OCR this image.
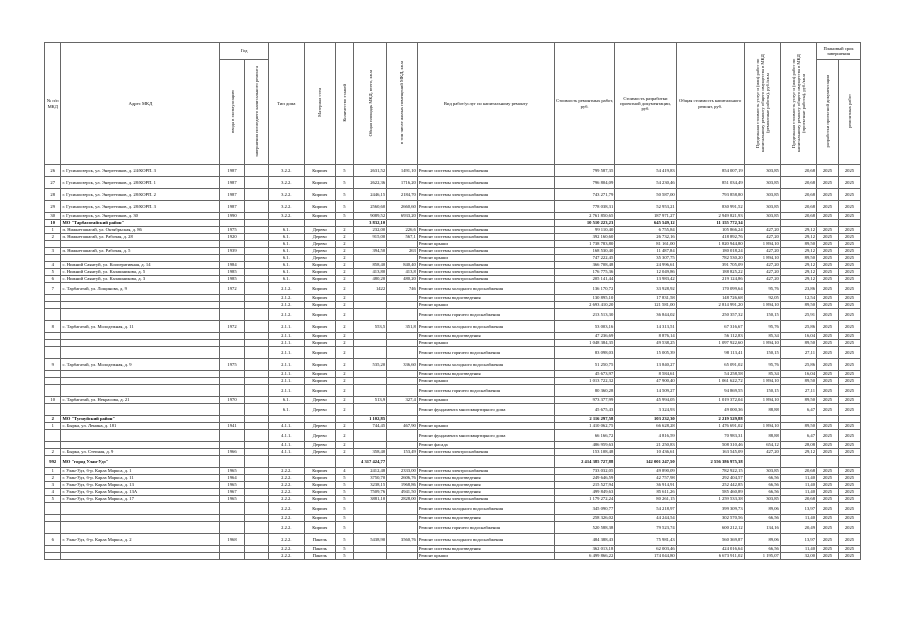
№ п/п МКД	Адрес МКД	Год		Тип дома	Материал стен	Количество этажей	Общая площадь МКД, всего, кв.м	в том числе жилых помещений МКД, кв.м	Вид работ/услуг по капитальному ремонту	Стоимость ремонтных работ, руб.	Стоимость разработки проектной документации, руб.	Общая стоимость капитального ремонт, руб.	Предельная стоимость услуг и (или) работ по капитальному ремонту общего имущества в МКД (ремонтные работы), руб./кв.м	Предельная стоимость услуг и (или) работ по капитальному ремонту общего имущества в МКД (проектные работы), руб./кв.м	Плановый срок завершения	

		ввода в эксплуатацию	завершения последнего капитального ремонта												разработки проектной документации	ремонтных работ
26	г. Гусиноозерск, ул. Энергетиков, д. 24/КОРП. 3	1987		3.2.2.	Кирпич	5	2631,52	1491,10	Ремонт системы электроснабжения	799 587,35	54 419,83	854 007,19	303,85	20,68	2025	2025
27	г. Гусиноозерск, ул. Энергетиков, д. 28/КОРП. 1	1987		3.2.2.	Кирпич	5	2622,36	1716,20	Ремонт системы электроснабжения	796 804,09	54 230,46	851 034,49	303,85	20,68	2025	2025
28	г. Гусиноозерск, ул. Энергетиков, д. 28/КОРП. 2	1987		3.2.2.	Кирпич	5	2446,15	2184,70	Ремонт системы электроснабжения	743 271,79	50 587,00	793 858,80	303,85	20,68	2025	2025
29	г. Гусиноозерск, ул. Энергетиков, д. 28/КОРП. 3	1987		3.2.2.	Кирпич	5	2560,60	2660,60	Ремонт системы электроснабжения	778 038,31	52 953,21	830 991,52	303,85	20,68	2025	2025
30	г. Гусиноозерск, ул. Энергетиков, д. 30	1990		3.2.2.	Кирпич	5	9089,52	6933,20	Ремонт системы электроснабжения	2 761 850,65	187 971,27	2 949 821,93	303,85	20,68	2025	2025
10	МО "Тарбагатайский район"						3 832,10			10 510 223,23	645 549,12	11 155 772,34				
1	п. Нижнеташагай, ул. Октябрьская, д. 86	1975		6.1.	Дерево	2	232,00	226,6	Ремонт системы электроснабжения	99 110,40	6 755,84	105 866,24	427,20	29,12	2025	2025
2	п. Нижнеташагай, ул. Рабочая, д. 28	1920		6.1.	Дерево	2	915,00	567,1	Ремонт системы электроснабжения	392 160,60	26 732,16	418 892,76	427,20	29,12	2025	2025
				6.1.	Дерево	2			Ремонт крыши	1 738 783,80	81 161,00	1 820 944,80	1 894,10	89,50	2025	2025
3	п. Нижнеташагай, ул. Рабочая, д. 5	1939		6.1.	Дерево	2	394,50	263	Ремонт системы электроснабжения	168 530,40	11 487,84	180 018,24	427,20	29,12	2025	2025
				6.1.	Дерево	2			Ремонт крыши	747 222,45	35 307,75	782 530,20	1 894,10	89,50	2025	2025
4	с. Нижний Саянтуй, ул. Кооперативная, д. 14	1984		6.1.	Кирпич	2	858,40	840,40	Ремонт системы электроснабжения	366 708,48	24 996,61	391 705,09	427,20	29,12	2025	2025
5	с. Нижний Саянтуй, ул. Калашникова, д. 5	1985		6.1.	Кирпич	2	413,80	413,8	Ремонт системы электроснабжения	176 775,36	12 049,86	188 825,22	427,20	29,12	2025	2025
6	с. Нижний Саянтуй, ул. Калашникова, д. 3	1985		6.1.	Кирпич	2	480,20	480,20	Ремонт системы электроснабжения	205 141,44	13 983,42	219 124,86	427,20	29,12	2025	2025
7	с. Тарбагатай, ул. Лощинова, д. 9	1972		2.1.2.	Кирпич	2	1422	746	Ремонт системы холодного водоснабжения	136 170,72	33 928,92	170 099,64	95,76	23,86	2025	2025
				2.1.2.	Кирпич	2			Ремонт системы водоотведения	130 895,10	17 831,58	148 726,68	92,05	12,54	2025	2025
				2.1.2.	Кирпич	2			Ремонт крыши	2 693 410,20	121 581,00	2 814 991,20	1 894,10	89,50	2025	2025
				2.1.2.	Кирпич	2			Ремонт системы горячего водоснабжения	213 513,30	36 844,02	250 357,32	150,15	25,91	2025	2025
8	с. Тарбагатай, ул. Молодежная, д. 11	1972		2.1.1.	Кирпич	2	553,5	351,8	Ремонт системы холодного водоснабжения	53 003,16	14 313,51	67 316,67	95,76	25,86	2025	2025
				2.1.1.	Кирпич	2			Ремонт системы водоотведения	47 236,69	8 876,14	56 112,83	85,34	16,04	2025	2025
				2.1.1.	Кирпич	2			Ремонт крыши	1 048 384,35	49 538,25	1 097 922,60	1 894,10	89,50	2025	2025
				2.1.1.	Кирпич	2			Ремонт системы горячего водоснабжения	83 098,03	15 005,39	98 113,41	150,15	27,11	2025	2025
9	с. Тарбагатай, ул. Молодежная, д. 9	1975		2.1.1.	Кирпич	2	535,20	336,60	Ремонт системы холодного водоснабжения	51 250,75	13 840,27	65 091,02	95,76	25,86	2025	2025
				2.1.1.	Кирпич	2			Ремонт системы водоотведения	45 673,97	8 584,61	54 258,58	85,34	16,04	2025	2025
				2.1.1.	Кирпич	2			Ремонт крыши	1 013 722,32	47 900,40	1 061 622,72	1 894,10	89,50	2025	2025
				2.1.1.	Кирпич	2			Ремонт системы горячего водоснабжения	80 360,28	14 509,27	94 869,55	150,15	27,11	2025	2025
10	с. Тарбагатай, ул. Некрасова, д. 21	1970		6.1.	Дерево	2	513,9	327,4	Ремонт крыши	973 377,99	45 994,05	1 019 372,04	1 894,10	89,50	2025	2025
				6.1.	Дерево	2			Ремонт фундамента многоквартирного дома	45 675,43	3 324,93	49 000,36	88,88	6,47	2025	2025
2	МО "Тугнуйский район"						1 102,85			2 116 297,58	103 232,30	2 219 529,88				
1	с. Бырка, ул. Ленина, д. 181	1941		4.1.1.	Дерево	2	744,45	467,90	Ремонт крыши	1 410 062,75	66 628,28	1 476 691,02	1 894,10	89,50	2025	2025
				4.1.1.	Дерево	2			Ремонт фундамента многоквартирного дома	66 166,72	4 816,59	70 983,31	88,88	6,47	2025	2025
				4.1.1.	Дерево	2			Ремонт фасада	486 959,63	21 250,83	508 310,46	654,12	28,08	2025	2025
2	с. Бырка, ул. Степная, д. 9	1966		4.1.1.	Дерево	2	358,40	153,49	Ремонт системы электроснабжения	153 108,48	10 436,61	163 545,09	427,20	29,12	2025	2025
992	МО "город Улан-Удэ"						4 317 424,77			2 414 385 727,88	142 001 247,50	2 556 386 975,38				
1	г. Улан-Удэ, б-р. Карла Маркса, д. 1	1965		2.2.2.	Кирпич	4	2412,48	2333,00	Ремонт системы электроснабжения	733 032,05	49 890,09	782 922,15	303,85	20,68	2025	2025
2	г. Улан-Удэ, б-р. Карла Маркса, д. 11	1964		2.2.2.	Кирпич	5	3750,70	2606,76	Ремонт системы водоотведения	249 646,59	42 757,98	292 404,57	66,56	11,40	2025	2025
3	г. Улан-Удэ, б-р. Карла Маркса, д. 13	1965		2.2.2.	Кирпич	5	3238,15	1968,86	Ремонт системы водоотведения	215 527,94	36 914,91	252 442,85	66,56	11,40	2025	2025
4	г. Улан-Удэ, б-р. Карла Маркса, д. 13А	1967		2.2.2.	Кирпич	5	7509,76	4941,50	Ремонт системы водоотведения	499 849,63	85 611,26	585 460,89	66,56	11,40	2025	2025
5	г. Улан-Удэ, б-р. Карла Маркса, д. 17	1965		2.2.2.	Кирпич	5	3881,10	2828,00	Ремонт системы электроснабжения	1 179 272,24	80 261,15	1 259 533,38	303,85	20,68	2025	2025
				2.2.2.	Кирпич	5			Ремонт системы холодного водоснабжения	345 090,77	54 218,97	399 309,73	89,06	13,97	2025	2025
				2.2.2.	Кирпич	5			Ремонт системы водоотведения	258 326,02	44 244,54	302 570,56	66,56	11,40	2025	2025
				2.2.2.	Кирпич	5			Ремонт системы горячего водоснабжения	520 588,38	79 523,74	600 212,12	134,16	20,49	2025	2025
6	г. Улан-Удэ, б-р. Карла Маркса, д. 2	1968		2.2.2.	Панель	5	5438,90	3560,76	Ремонт системы холодного водоснабжения	484 388,43	75 981,43	560 369,87	89,06	13,97	2025	2025
				2.2.2.	Панель	5			Ремонт системы водоотведения	362 013,18	62 003,46	424 016,64	66,56	11,40	2025	2025
				2.2.2.	Панель	5			Ремонт крыши	6 499 866,22	174 044,80	6 673 911,02	1 195,07	32,00	2025	2025
